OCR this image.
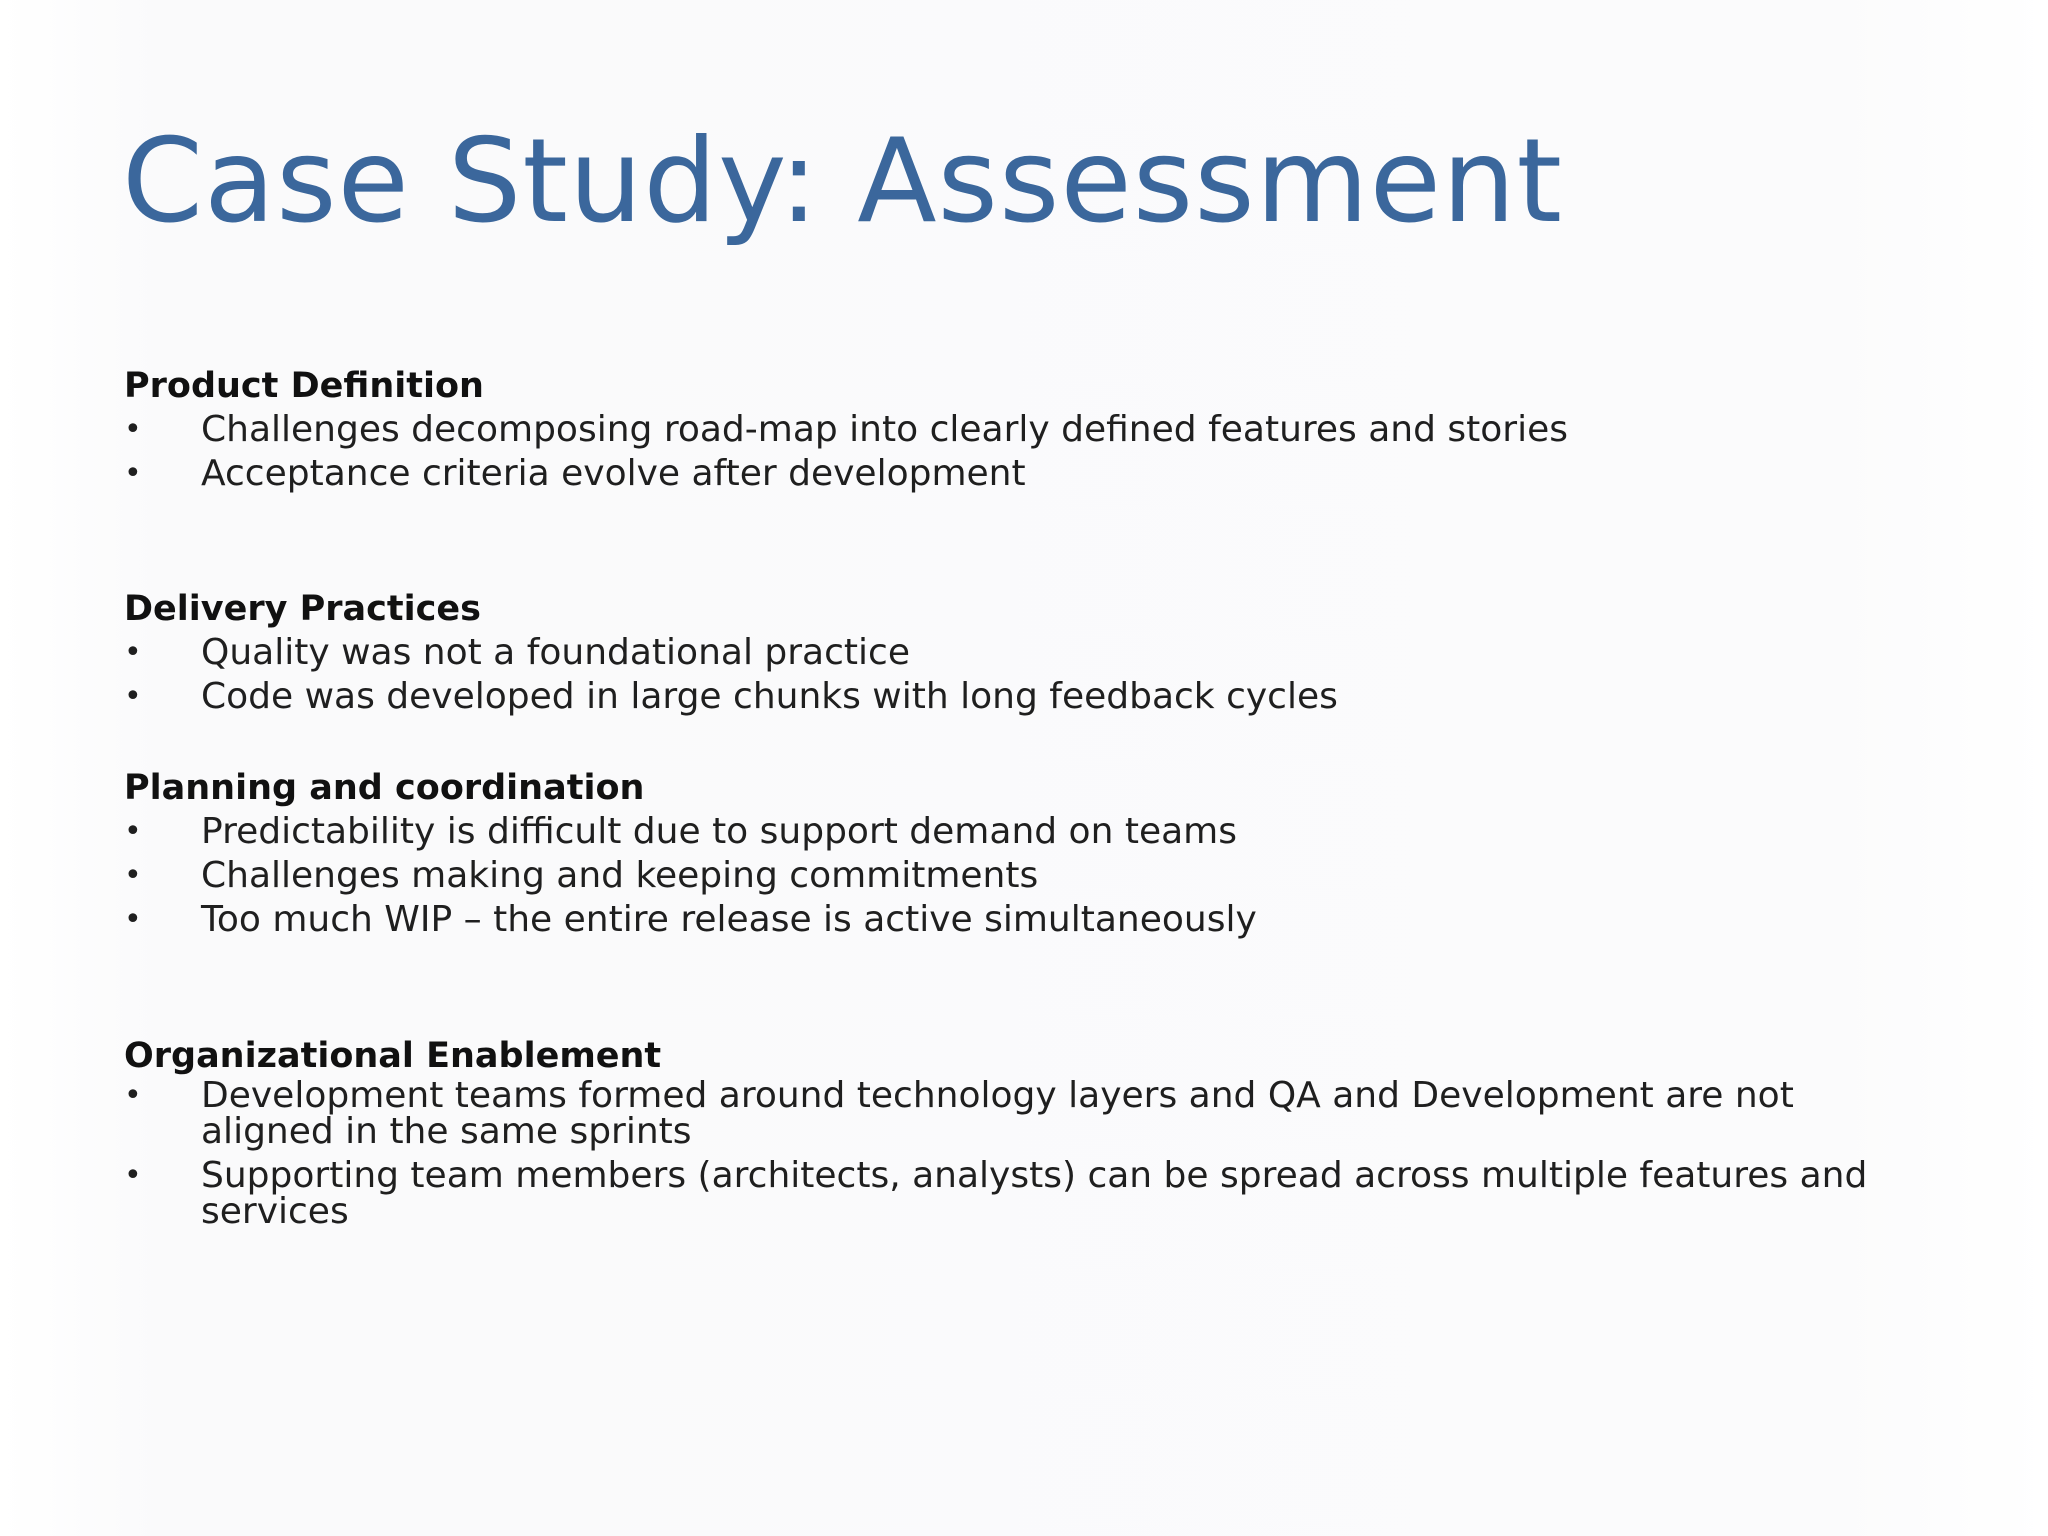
Case Study: Assessment
Product Definition
• Challenges decomposing road-map into clearly defined features and stories
• Acceptance criteria evolve after development
Delivery Practices
• Quality was not a foundational practice
• Code was developed in large chunks with long feedback cycles
Planning and coordination
• Predictability is difficult due to support demand on teams
• Challenges making and keeping commitments
• Too much WIP – the entire release is active simultaneously
Organizational Enablement
• Development teams formed around technology layers and QA and Development are not aligned in the same sprints
• Supporting team members (architects, analysts) can be spread across multiple features and services
